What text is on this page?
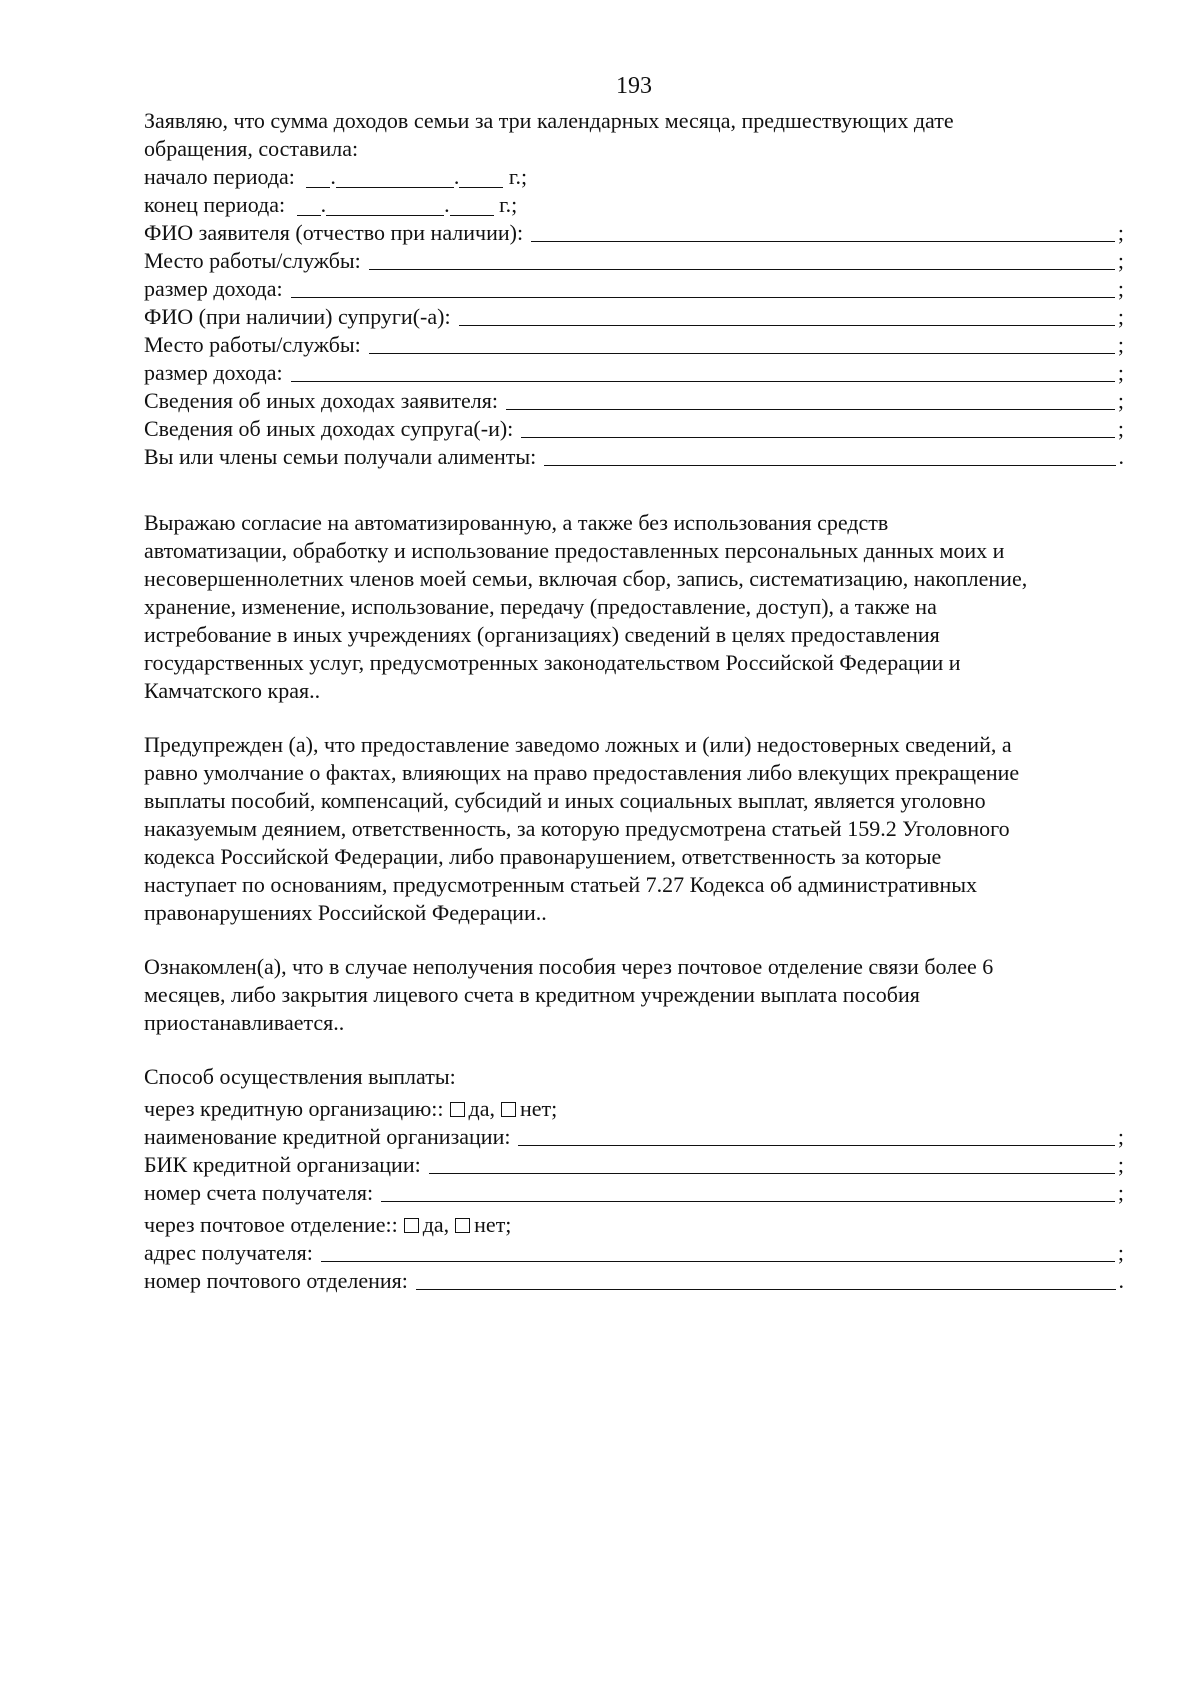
193
Заявляю, что сумма доходов семьи за три календарных месяца, предшествующих дате
обращения, составила:
начало периода: .	. г.;
конец периода: .	. г.;
ФИО заявителя (отчество при наличии):	;
Место работы/службы:	;
размер дохода:	;
ФИО (при наличии) супруги(-а):	;
Место работы/службы:	;
размер дохода:	;
Сведения об иных доходах заявителя:	;
Сведения об иных доходах супруга(-и):	;
Вы или члены семьи получали алименты:	.
Выражаю согласие на автоматизированную, а также без использования средств
автоматизации, обработку и использование предоставленных персональных данных моих и
несовершеннолетних членов моей семьи, включая сбор, запись, систематизацию, накопление,
хранение, изменение, использование, передачу (предоставление, доступ), а также на
истребование в иных учреждениях (организациях) сведений в целях предоставления
государственных услуг, предусмотренных законодательством Российской Федерации и
Камчатского края..
Предупрежден (а), что предоставление заведомо ложных и (или) недостоверных сведений, а
равно умолчание о фактах, влияющих на право предоставления либо влекущих прекращение
выплаты пособий, компенсаций, субсидий и иных социальных выплат, является уголовно
наказуемым деянием, ответственность, за которую предусмотрена статьей 159.2 Уголовного
кодекса Российской Федерации, либо правонарушением, ответственность за которые
наступает по основаниям, предусмотренным статьей 7.27 Кодекса об административных
правонарушениях Российской Федерации..
Ознакомлен(а), что в случае неполучения пособия через почтовое отделение связи более 6
месяцев, либо закрытия лицевого счета в кредитном учреждении выплата пособия
приостанавливается..
Способ осуществления выплаты:
через кредитную организацию:: да, нет;
наименование кредитной организации:	;
БИК кредитной организации:	;
номер счета получателя:	;
через почтовое отделение:: да, нет;
адрес получателя:	;
номер почтового отделения:	.
